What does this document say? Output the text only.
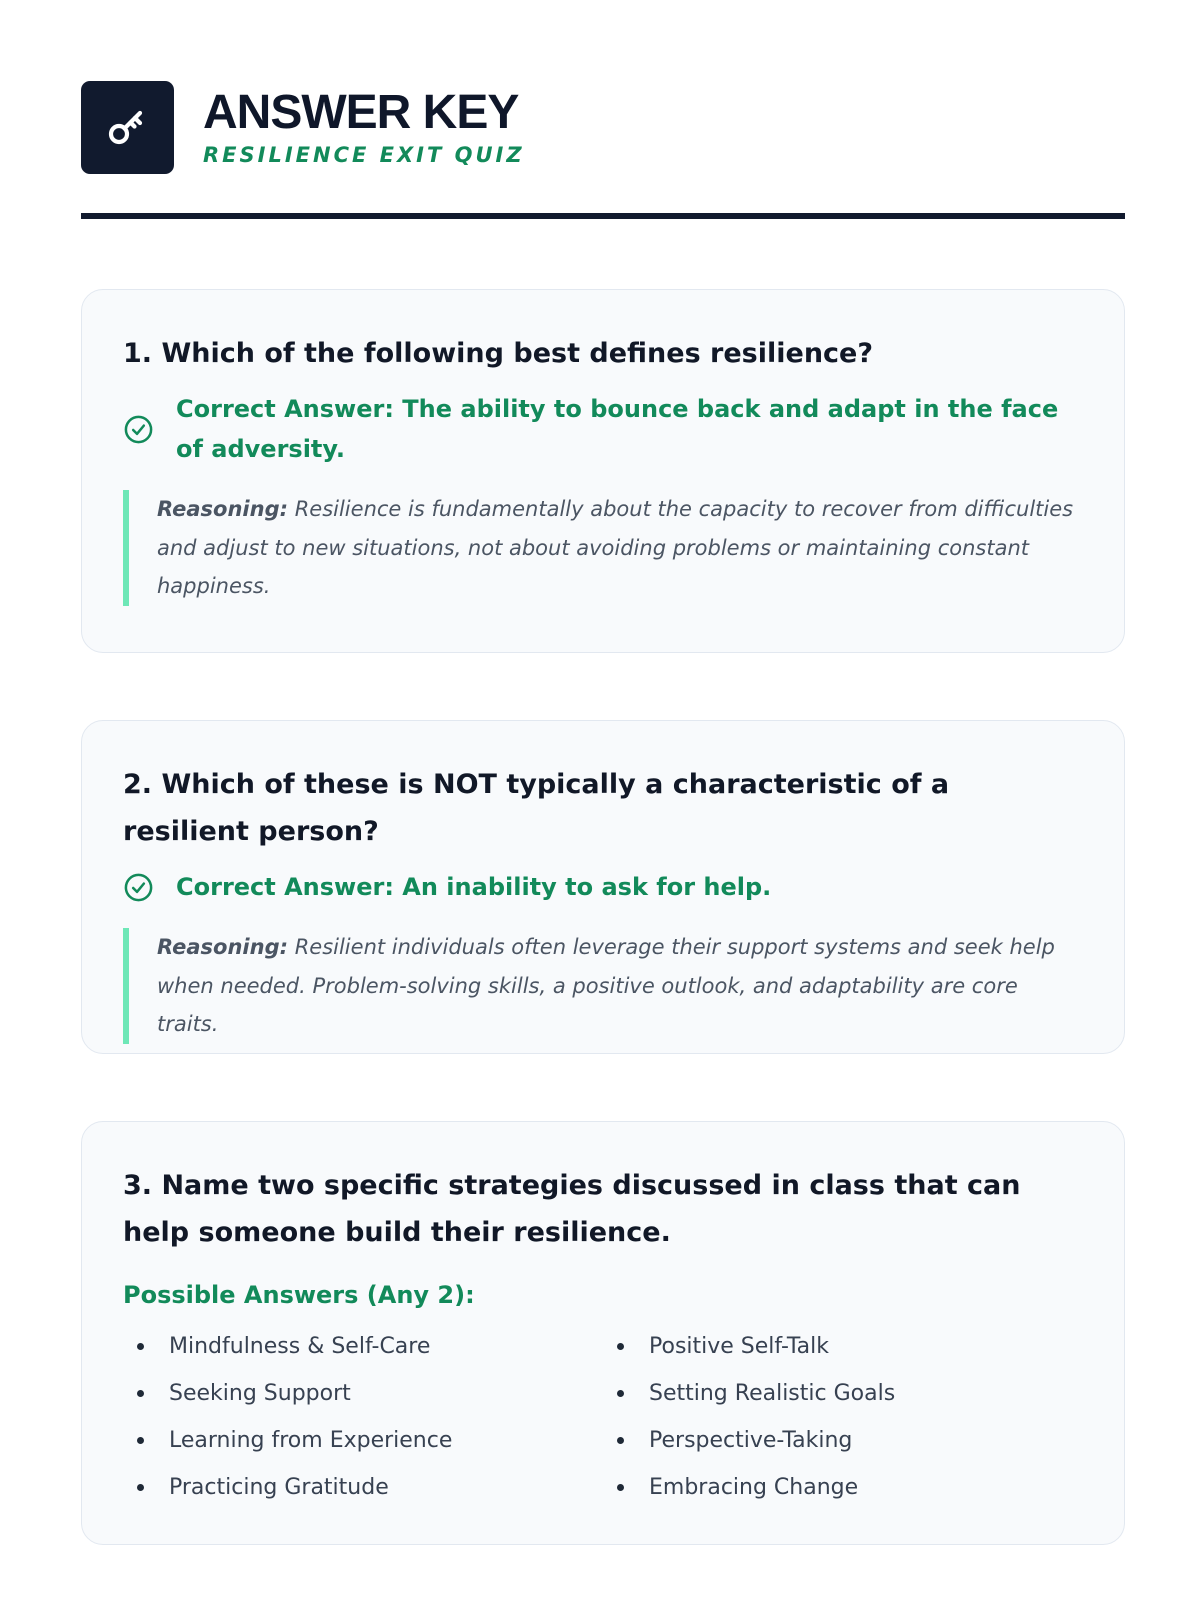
ANSWER KEY
RESILIENCE EXIT QUIZ

1. Which of the following best defines resilience?

Correct Answer: The ability to bounce back and adapt in the face of adversity.
Reasoning: Resilience is fundamentally about the capacity to recover from difficulties and adjust to new situations, not about avoiding problems or maintaining constant happiness.

2. Which of these is NOT typically a characteristic of a resilient person?

Correct Answer: An inability to ask for help.
Reasoning: Resilient individuals often leverage their support systems and seek help when needed. Problem-solving skills, a positive outlook, and adaptability are core traits.

3. Name two specific strategies discussed in class that can help someone build their resilience.

Possible Answers (Any 2):
Mindfulness & Self-Care
Seeking Support
Learning from Experience
Practicing Gratitude
Positive Self-Talk
Setting Realistic Goals
Perspective-Taking
Embracing Change
